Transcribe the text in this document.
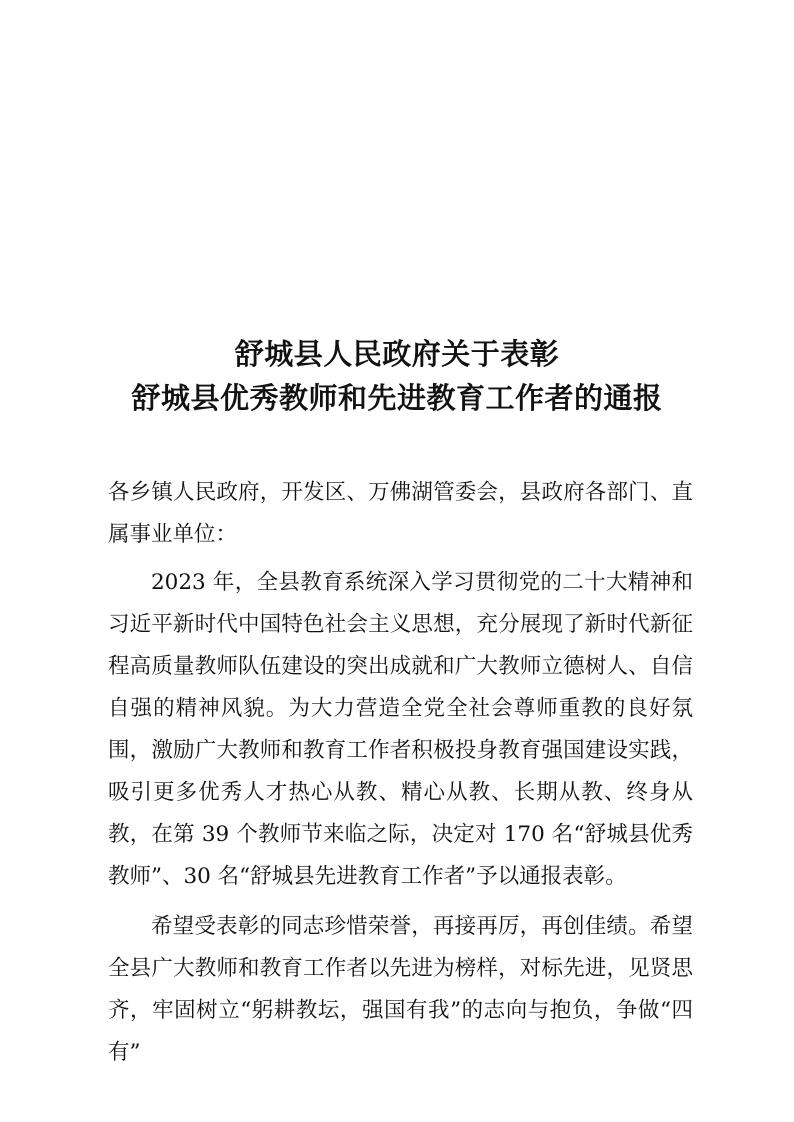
舒城县人民政府关于表彰
舒城县优秀教师和先进教育工作者的通报

各乡镇人民政府，开发区、万佛湖管委会，县政府各部门、直属事业单位：

2023 年，全县教育系统深入学习贯彻党的二十大精神和习近平新时代中国特色社会主义思想，充分展现了新时代新征程高质量教师队伍建设的突出成就和广大教师立德树人、自信自强的精神风貌。为大力营造全党全社会尊师重教的良好氛围，激励广大教师和教育工作者积极投身教育强国建设实践，吸引更多优秀人才热心从教、精心从教、长期从教、终身从教，在第 39 个教师节来临之际，决定对 170 名“舒城县优秀教师”、30 名“舒城县先进教育工作者”予以通报表彰。

希望受表彰的同志珍惜荣誉，再接再厉，再创佳绩。希望全县广大教师和教育工作者以先进为榜样，对标先进，见贤思齐，牢固树立“躬耕教坛，强国有我”的志向与抱负，争做“四有”
